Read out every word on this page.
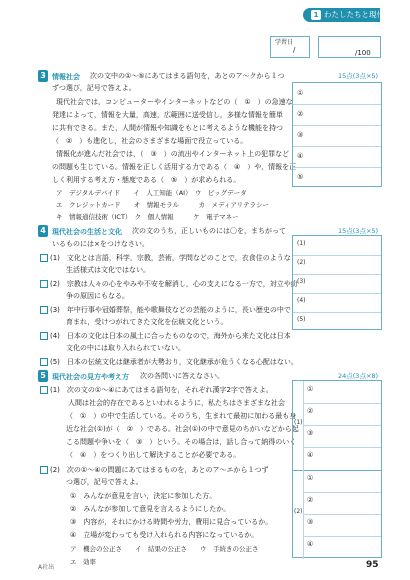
1 わたしたちと現代社会
学習日
/	/100
3 情報社会 次の文中の①〜⑤にあてはまる語句を，あとのア〜クから１つ
ずつ選び，記号で答えよ。
現代社会では，コンピューターやインターネットなどの（　①　）の急速な
発達によって，情報を大量，高速，広範囲に送受信し，多様な情報を簡単
に共有できる。また，人間が情報や知識をもとに考えるような機能を持つ
（　②　）も進化し，社会のさまざまな場面で役立っている。
情報化が進んだ社会では，（　③　）の流出やインターネット上の犯罪など
の問題も生じている。情報を正しく活用する力である（　④　）や，情報を正
しく利用する考え方・態度である（　⑤　）が求められる。
ア　デジタルデバイド　　イ　人工知能（AI）　ウ　ビッグデータ
エ　クレジットカード　　オ　情報モラル　　　カ　メディアリテラシー
キ　情報通信技術（ICT）　ク　個人情報　　　ケ　電子マネー
15点(3点×5)
①
②
③
④
⑤
4 現代社会の生活と文化 次の文のうち，正しいものには〇を，まちがって
いるものには×をつけなさい。
(1)　文化とは言語，科学，宗教，芸術，学問などのことで，衣食住のような
生活様式は文化ではない。
(2)　宗教は人々の心をやみや不安を解消し，心の支えになる一方で，対立や紛
争の原因にもなる。
(3)　年中行事や冠婚葬祭，能や歌舞伎などの芸能のように，長い歴史の中で
育まれ，受けつがれてきた文化を伝統文化という。
(4)　日本の文化は日本の風土に合ったものなので，海外から来た文化は日本
文化の中には取り入れられていない。
(5)　日本の伝統文化は継承者が大勢おり，文化継承が危うくなる心配はない。
15点(3点×5)
(1)
(2)
(3)
(4)
(5)
5 現代社会の見方や考え方 次の各問いに答えなさい。
(1)　次の文の①〜④にあてはまる語句を，それぞれ漢字2字で答えよ。
人間は社会的存在であるといわれるように，私たちはさまざまな社会
（　①　）の中で生活している。そのうち，生まれて最初に加わる最も身
近な社会(①)が（　②　）である。社会(①)の中で意見のちがいなどから起
こる問題や争いを（　③　）という。その場合は，話し合って納得のいく
（　④　）をつくり出して解決することが必要である。
(2)　次の①〜④の問題にあてはまるものを，あとのア〜エから１つず
つ選び，記号で答えよ。
①　みんなが意見を言い，決定に参加した方。
②　みんなが参加して意見を言えるようにしたか。
③　内容が，それにかける時間や労力，費用に見合っているか。
④　立場が変わっても受け入れられる内容になっているか。
ア　機会の公正さ　　イ　結果の公正さ　　ウ　手続きの公正さ
エ　効率
24点(3点×8)
(1)
①
②
③
④
(2)
①
②
③
④
A社出	95
